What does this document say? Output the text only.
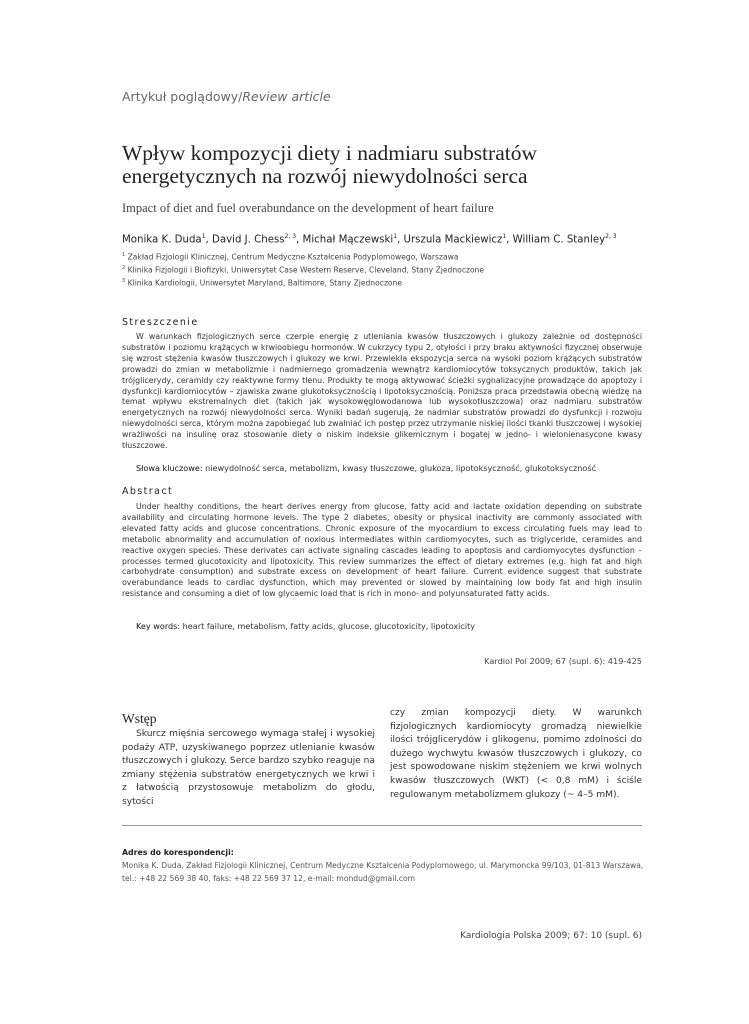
Artykuł poglądowy/Review article
Wpływ kompozycji diety i nadmiaru substratów energetycznych na rozwój niewydolności serca
Impact of diet and fuel overabundance on the development of heart failure
Monika K. Duda$^1$, David J. Chess$^{2, 3}$, Michał Mączewski$^1$, Urszula Mackiewicz$^1$, William C. Stanley$^{2, 3}$
$^1$ Zakład Fizjologii Klinicznej, Centrum Medyczne Kształcenia Podyplomowego, Warszawa
$^2$ Klinika Fizjologii i Biofizyki, Uniwersytet Case Western Reserve, Cleveland, Stany Zjednoczone
$^3$ Klinika Kardiologii, Uniwersytet Maryland, Baltimore, Stany Zjednoczone
Streszczenie

W warunkach fizjologicznych serce czerpie energię z utleniania kwasów tłuszczowych i glukozy zależnie od dostępności substratów i poziomu krążących w krwioobiegu hormonów. W cukrzycy typu 2, otyłości i przy braku aktywności fizycznej obserwuje się wzrost stężenia kwasów tłuszczowych i glukozy we krwi. Przewlekła ekspozycja serca na wysoki poziom krążących substratów prowadzi do zmian w metabolizmie i nadmiernego gromadzenia wewnątrz kardiomiocytów toksycznych produktów, takich jak trójglicerydy, ceramidy czy reaktywne formy tlenu. Produkty te mogą aktywować ścieżki sygnalizacyjne prowadzące do apoptozy i dysfunkcji kardiomiocytów – zjawiska zwane glukotoksycznością i lipotoksycznością. Poniższa praca przedstawia obecną wiedzę na temat wpływu ekstremalnych diet (takich jak wysokowęglowodanowa lub wysokotłuszczowa) oraz nadmiaru substratów energetycznych na rozwój niewydolności serca. Wyniki badań sugerują, że nadmiar substratów prowadzi do dysfunkcji i rozwoju niewydolności serca, którym można zapobiegać lub zwalniać ich postęp przez utrzymanie niskiej ilości tkanki tłuszczowej i wysokiej wrażliwości na insulinę oraz stosowanie diety o niskim indeksie glikemicznym i bogatej w jedno- i wielonienasycone kwasy tłuszczowe.

Słowa kluczowe: niewydolność serca, metabolizm, kwasy tłuszczowe, glukoza, lipotoksyczność, glukotoksyczność
Abstract

Under healthy conditions, the heart derives energy from glucose, fatty acid and lactate oxidation depending on substrate availability and circulating hormone levels. The type 2 diabetes, obesity or physical inactivity are commonly associated with elevated fatty acids and glucose concentrations. Chronic exposure of the myocardium to excess circulating fuels may lead to metabolic abnormality and accumulation of noxious intermediates within cardiomyocytes, such as triglyceride, ceramides and reactive oxygen species. These derivates can activate signaling cascades leading to apoptosis and cardiomyocytes dysfunction – processes termed glucotoxicity and lipotoxicity. This review summarizes the effect of dietary extremes (e.g. high fat and high carbohydrate consumption) and substrate excess on development of heart failure. Current evidence suggest that substrate overabundance leads to cardiac dysfunction, which may prevented or slowed by maintaining low body fat and high insulin resistance and consuming a diet of low glycaemic load that is rich in mono- and polyunsaturated fatty acids.

Key words: heart failure, metabolism, fatty acids, glucose, glucotoxicity, lipotoxicity
Kardiol Pol 2009; 67 (supl. 6): 419-425
Wstęp

Skurcz mięśnia sercowego wymaga stałej i wysokiej podaży ATP, uzyskiwanego poprzez utlenianie kwasów tłuszczowych i glukozy. Serce bardzo szybko reaguje na zmiany stężenia substratów energetycznych we krwi i z łatwością przystosowuje metabolizm do głodu, sytości

czy zmian kompozycji diety. W warunkch fizjologicznych kardiomiocyty gromadzą niewielkie ilości trójglicerydów i glikogenu, pomimo zdolności do dużego wychwytu kwasów tłuszczowych i glukozy, co jest spowodowane niskim stężeniem we krwi wolnych kwasów tłuszczowych (WKT) (< 0,8 mM) i ściśle regulowanym metabolizmem glukozy (~ 4–5 mM).

Adres do korespondencji:
Monika K. Duda, Zakład Fizjologii Klinicznej, Centrum Medyczne Kształcenia Podyplomowego, ul. Marymoncka 99/103, 01-813 Warszawa,
tel.: +48 22 569 38 40, faks: +48 22 569 37 12, e-mail: mondud@gmail.com
Kardiologia Polska 2009; 67: 10 (supl. 6)
